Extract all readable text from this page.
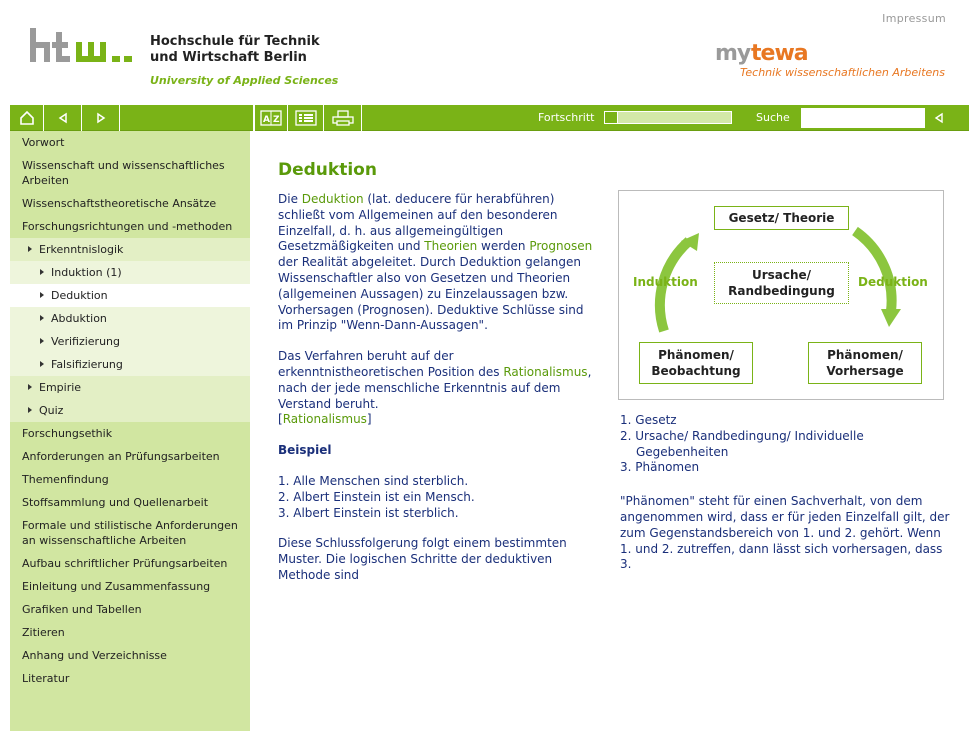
Impressum
Hochschule für Technik
und Wirtschaft Berlin
University of Applied Sciences
my tewa
Technik wissenschaftlichen Arbeitens
A Z	Fortschritt	Suche
Vorwort
Wissenschaft und wissenschaftliches Arbeiten
Wissenschaftstheoretische Ansätze
Forschungsrichtungen und -methoden
Erkenntnislogik
Induktion (1)
Deduktion
Abduktion
Verifizierung
Falsifizierung
Empirie
Quiz
Forschungsethik
Anforderungen an Prüfungsarbeiten
Themenfindung
Stoffsammlung und Quellenarbeit
Formale und stilistische Anforderungen an wissenschaftliche Arbeiten
Aufbau schriftlicher Prüfungsarbeiten
Einleitung und Zusammenfassung
Grafiken und Tabellen
Zitieren
Anhang und Verzeichnisse
Literatur
Deduktion

Die Deduktion (lat. deducere für herabführen) schließt vom Allgemeinen auf den besonderen Einzelfall, d. h. aus allgemeingültigen Gesetzmäßigkeiten und Theorien werden Prognosen der Realität abgeleitet. Durch Deduktion gelangen Wissenschaftler also von Gesetzen und Theorien (allgemeinen Aussagen) zu Einzelaussagen bzw. Vorhersagen (Prognosen). Deduktive Schlüsse sind im Prinzip "Wenn-Dann-Aussagen".

Das Verfahren beruht auf der erkenntnistheoretischen Position des Rationalismus, nach der jede menschliche Erkenntnis auf dem Verstand beruht.
[Rationalismus]

Beispiel
1. Alle Menschen sind sterblich.
2. Albert Einstein ist ein Mensch.
3. Albert Einstein ist sterblich.

Diese Schlussfolgerung folgt einem bestimmten Muster. Die logischen Schritte der deduktiven Methode sind

Gesetz/ Theorie
Ursache/
Randbedingung
Phänomen/
Beobachtung
Phänomen/
Vorhersage
Induktion	Deduktion
1. Gesetz
2. Ursache/ Randbedingung/ Individuelle Gegebenheiten
3. Phänomen

"Phänomen" steht für einen Sachverhalt, von dem angenommen wird, dass er für jeden Einzelfall gilt, der zum Gegenstandsbereich von 1. und 2. gehört. Wenn 1. und 2. zutreffen, dann lässt sich vorhersagen, dass 3.
